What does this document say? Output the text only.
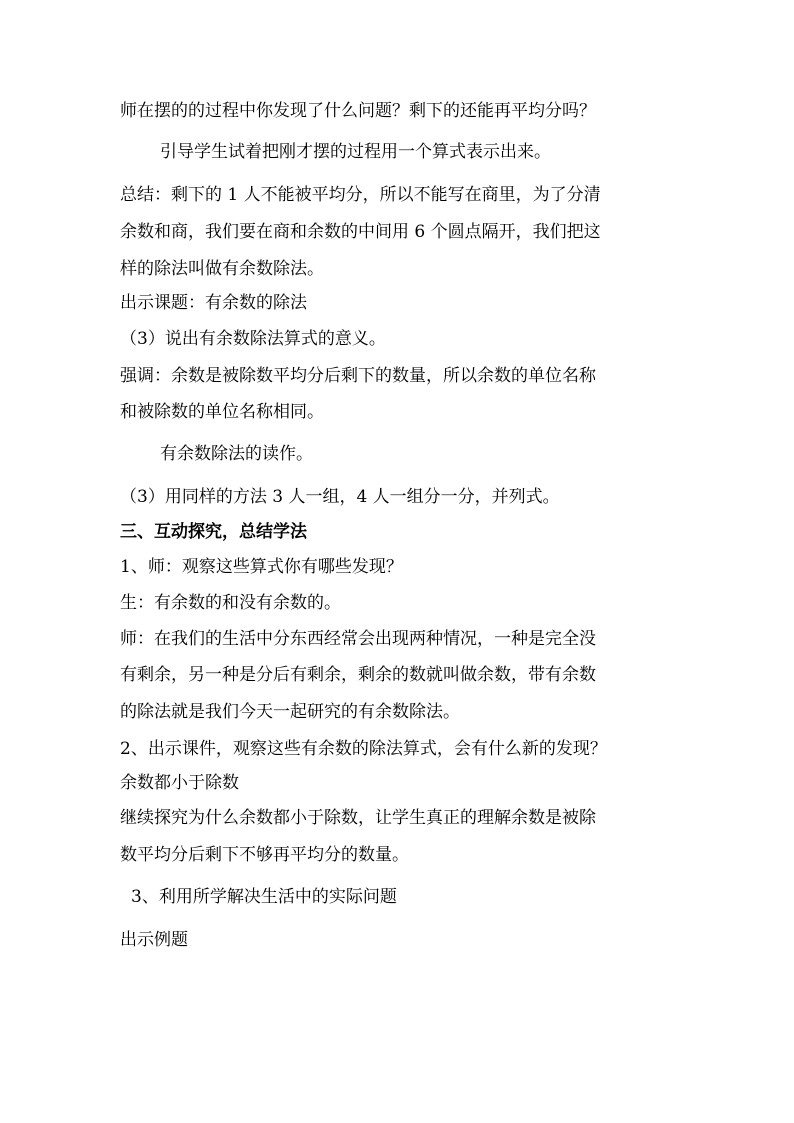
师在摆的的过程中你发现了什么问题？剩下的还能再平均分吗？
引导学生试着把刚才摆的过程用一个算式表示出来。
总结：剩下的 1 人不能被平均分，所以不能写在商里，为了分清
余数和商，我们要在商和余数的中间用 6 个圆点隔开，我们把这
样的除法叫做有余数除法。
出示课题：有余数的除法
（3）说出有余数除法算式的意义。
强调：余数是被除数平均分后剩下的数量，所以余数的单位名称
和被除数的单位名称相同。
有余数除法的读作。
（3）用同样的方法 3 人一组，4 人一组分一分，并列式。
三、互动探究，总结学法
1、师：观察这些算式你有哪些发现？
生：有余数的和没有余数的。
师：在我们的生活中分东西经常会出现两种情况，一种是完全没
有剩余，另一种是分后有剩余，剩余的数就叫做余数，带有余数
的除法就是我们今天一起研究的有余数除法。
2、出示课件，观察这些有余数的除法算式，会有什么新的发现？
余数都小于除数
继续探究为什么余数都小于除数，让学生真正的理解余数是被除
数平均分后剩下不够再平均分的数量。
3、利用所学解决生活中的实际问题
出示例题
